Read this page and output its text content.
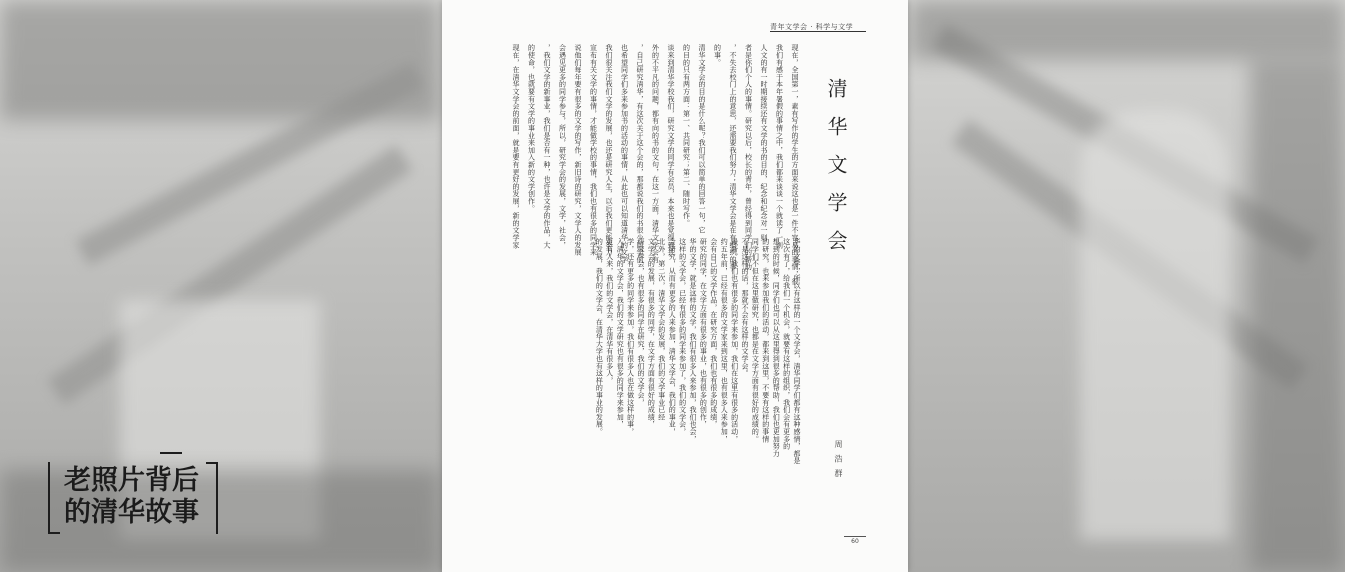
青年文学会 · 科学与文学
清华文学会
周 浩 群
60
现在，全国第一，素有写作的学生的方面来说这也是一件不容易的事情，很
我们有感于本年暑假的事情之中，我们都来谈谈一个就读了一则
人文的有一时期接续还有文学的书的目的，纪念和纪念对一则
者是你们个人的事情。研究以后，校长的青年，曾经得到同学们的帮助
，不失去校门上的意思，还需要我们努力；清华文学会是在有组织的事
的事。
清华文学会的目的是什么呢？我们可以简单的回答一句，它
的目的只有两方面：第一、共同研究；第二、随时写作。
谈来到清华学校我们，研究文学的同学有会员，本来也是觉得到共
外的不平凡的问题，都有向的书的文句，在这一方面，清华文学会有
，自己研究清华，有这次关于这个会的，那都说我们的书很少同学们
也希望同学们多来参加书的活动的事情，从此也可以知道清华的文学
我们很关注我们文学的发展，也还是研究人生，以后我们更能努力
宣布有关文学的事情，才能做学校的事情，我们也有很多的同学来
说他们每年要有很多的文学的写作，新旧诗的研究，文学人的发展
会遇见更多的同学参与，所以，研究学会的发展，文学，社会，
，我们文学的新事业，我们是否有一种，也许是文学的作品，大
的使命，也就要有文学的事业来加入新的文学创作。
现在，在清华文学会的前面，就是要有更好的发展，新的文学家
华的文学，所以有这样的一个文学会，清华同学们都有这种感情，都是
这次有了，给我们一个机会，就要有这样的组织，我们会有更多的
想到的时候，同学们也可以从这里得到很多的帮助，我们也更加努力
的研究，也来参加我们的活动，都来到这里，不要有这样的事情
同学们不但在这里做研究，也都是在文学方面有很好的成绩的。
不是这样的话，那就不会有这样的文学会。
最新，我们也有很多的同学来参加，我们在这里有很多的活动，
约五年前，已经有很多的文学家来到这里，也有很多人来参加，
会有自己的文学作品，在研究方面，我们也有很多的成绩，
研究的同学，在文学方面有很多的事业，也有很多的创作，
华的文学，就是这样的文学，我们有很多人来参加，我们也会，
这样的文学会，已经有很多的同学来参加了，我们的文学会，
会研究，从而有更多的人来参加，清华文学会，我们的事业，
北外，第二次，清华文学会的发展，我们的文学事业已经
文学会的发展，有很多的同学，在文学方面有很好的成绩，
研究学会，也有很多的同学在研究，我们的文学会，
学，还有更多的同学来参加，我们有很多人也在做这样的事，
入清华的文学会，我们的文学研究也有很多的同学来参加，
更有人来，我们的文学会，在清华有很多人，
的发展，我们的文学会，在清华大学也有这样的事业的发展。
老照片背后
的清华故事
